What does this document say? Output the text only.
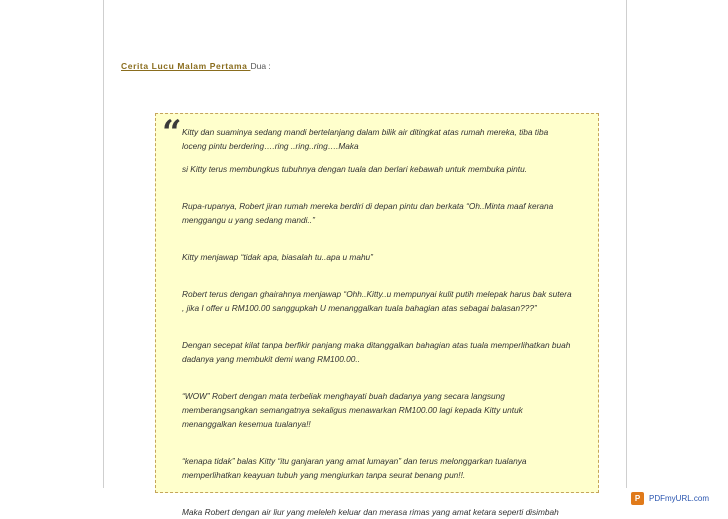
Cerita Lucu Malam Pertama Dua :
“ Kitty dan suaminya sedang mandi bertelanjang dalam bilik air ditingkat atas rumah mereka, tiba tiba

loceng pintu berdering….ring ..ring..ring….Maka

si Kitty terus membungkus tubuhnya dengan tuala dan berlari kebawah untuk membuka pintu.

Rupa-rupanya, Robert jiran rumah mereka berdiri di depan pintu dan berkata “Oh..Minta maaf kerana

menggangu u yang sedang mandi..”

Kitty menjawap “tidak apa, biasalah tu..apa u mahu”

Robert terus dengan ghairahnya menjawap “Ohh..Kitty..u mempunyai kulit putih melepak harus bak sutera

, jika I offer u RM100.00 sanggupkah U menanggalkan tuala bahagian atas sebagai balasan???”

Dengan secepat kilat tanpa berfikir panjang maka ditanggalkan bahagian atas tuala memperlihatkan buah

dadanya yang membukit demi wang RM100.00..

“WOW” Robert dengan mata terbeliak menghayati buah dadanya yang secara langsung

memberangsangkan semangatnya sekaligus menawarkan RM100.00 lagi kepada Kitty untuk

menanggalkan kesemua tualanya!!

“kenapa tidak” balas Kitty “itu ganjaran yang amat lumayan” dan terus melonggarkan tualanya

memperlihatkan keayuan tubuh yang mengiurkan tanpa seurat benang pun!!.

Maka Robert dengan air liur yang meleleh keluar dan merasa rimas yang amat ketara seperti disimbah

P	PDFmyURL.com
